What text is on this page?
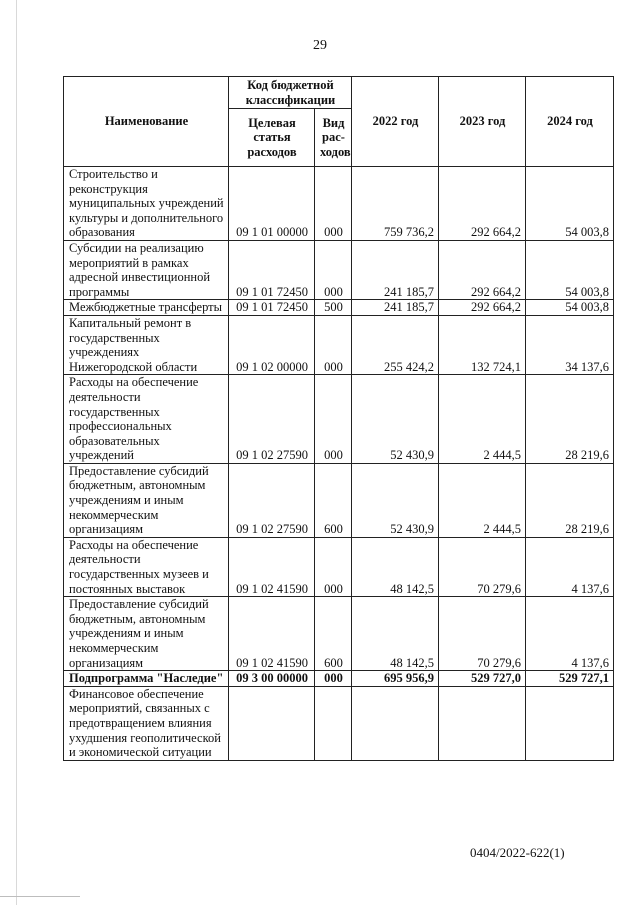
29
Наименование	Код бюджетной классификации		2022 год	2023 год	2024 год
	Целевая статья расходов	Вид рас-ходов			
Строительство и реконструкция муниципальных учреждений культуры и дополнительного образования	09 1 01 00000	000	759 736,2	292 664,2	54 003,8
Субсидии на реализацию мероприятий в рамках адресной инвестиционной программы	09 1 01 72450	000	241 185,7	292 664,2	54 003,8
Межбюджетные трансферты	09 1 01 72450	500	241 185,7	292 664,2	54 003,8
Капитальный ремонт в государственных учреждениях Нижегородской области	09 1 02 00000	000	255 424,2	132 724,1	34 137,6
Расходы на обеспечение деятельности государственных профессиональных образовательных учреждений	09 1 02 27590	000	52 430,9	2 444,5	28 219,6
Предоставление субсидий бюджетным, автономным учреждениям и иным некоммерческим организациям	09 1 02 27590	600	52 430,9	2 444,5	28 219,6
Расходы на обеспечение деятельности государственных музеев и постоянных выставок	09 1 02 41590	000	48 142,5	70 279,6	4 137,6
Предоставление субсидий бюджетным, автономным учреждениям и иным некоммерческим организациям	09 1 02 41590	600	48 142,5	70 279,6	4 137,6
Подпрограмма "Наследие"	09 3 00 00000	000	695 956,9	529 727,0	529 727,1
Финансовое обеспечение мероприятий, связанных с предотвращением влияния ухудшения геополитической и экономической ситуации					
0404/2022-622(1)
